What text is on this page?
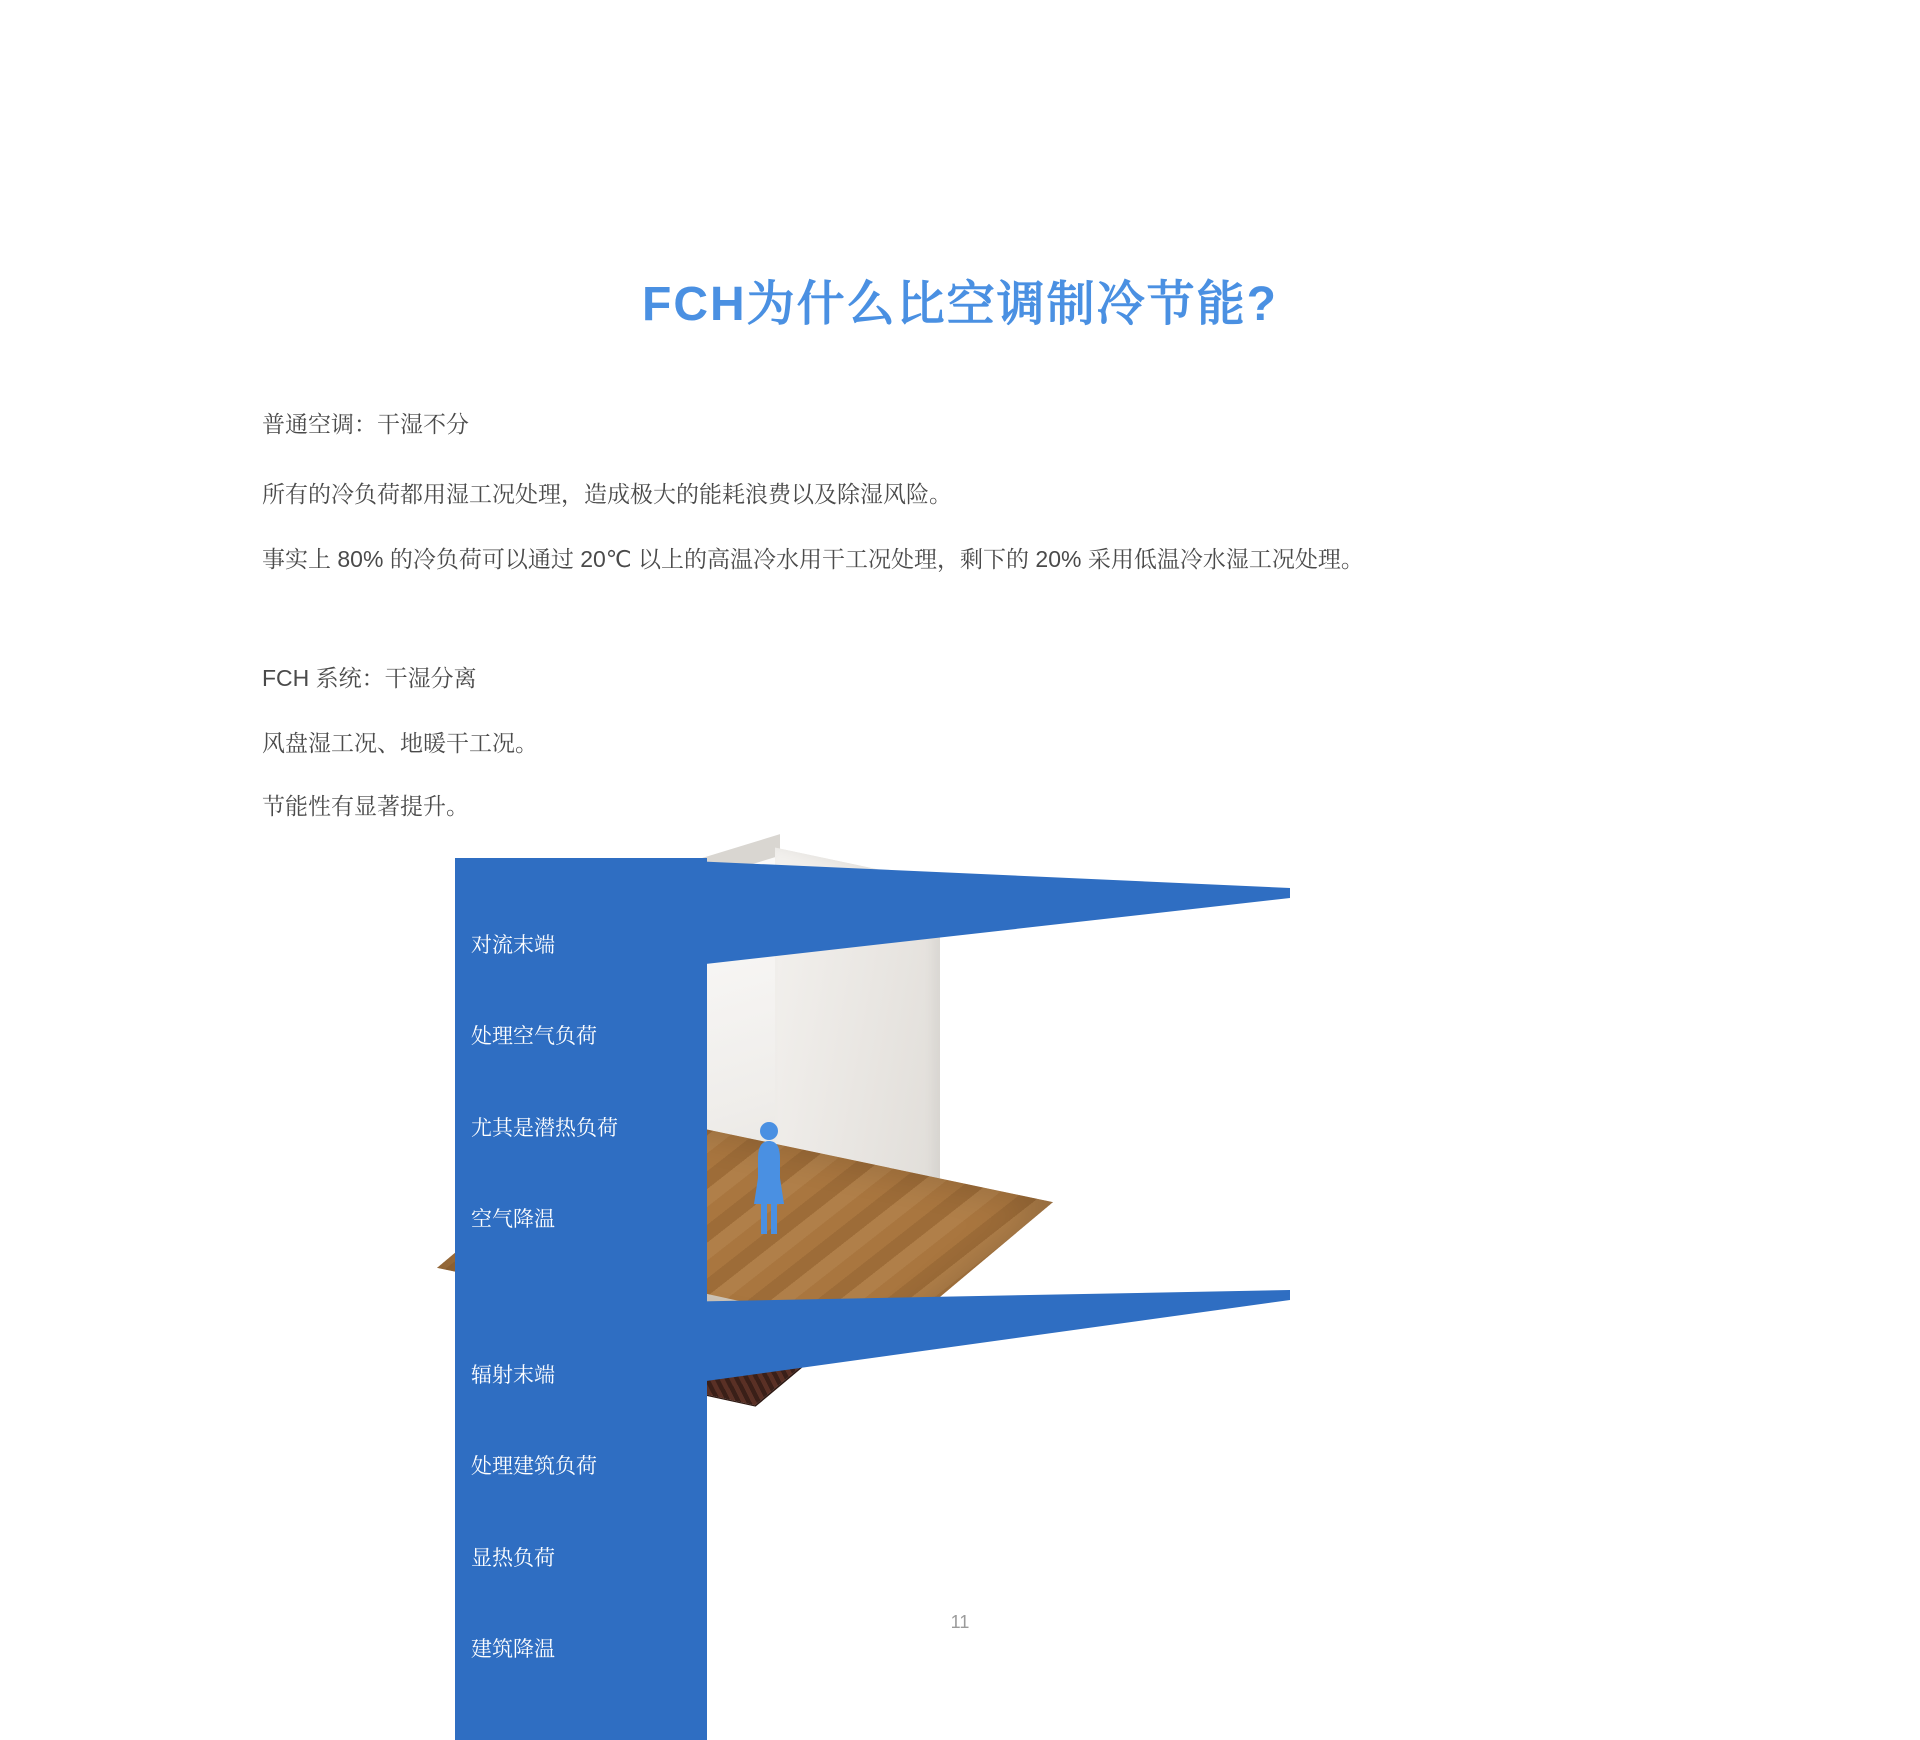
FCH为什么比空调制冷节能?
普通空调：干湿不分
所有的冷负荷都用湿工况处理，造成极大的能耗浪费以及除湿风险。
事实上 80% 的冷负荷可以通过 20℃ 以上的高温冷水用干工况处理，剩下的 20% 采用低温冷水湿工况处理。
FCH 系统：干湿分离
风盘湿工况、地暖干工况。
节能性有显著提升。

对流末端

处理空气负荷

尤其是潜热负荷

空气降温

辐射末端

处理建筑负荷

显热负荷

建筑降温

11
